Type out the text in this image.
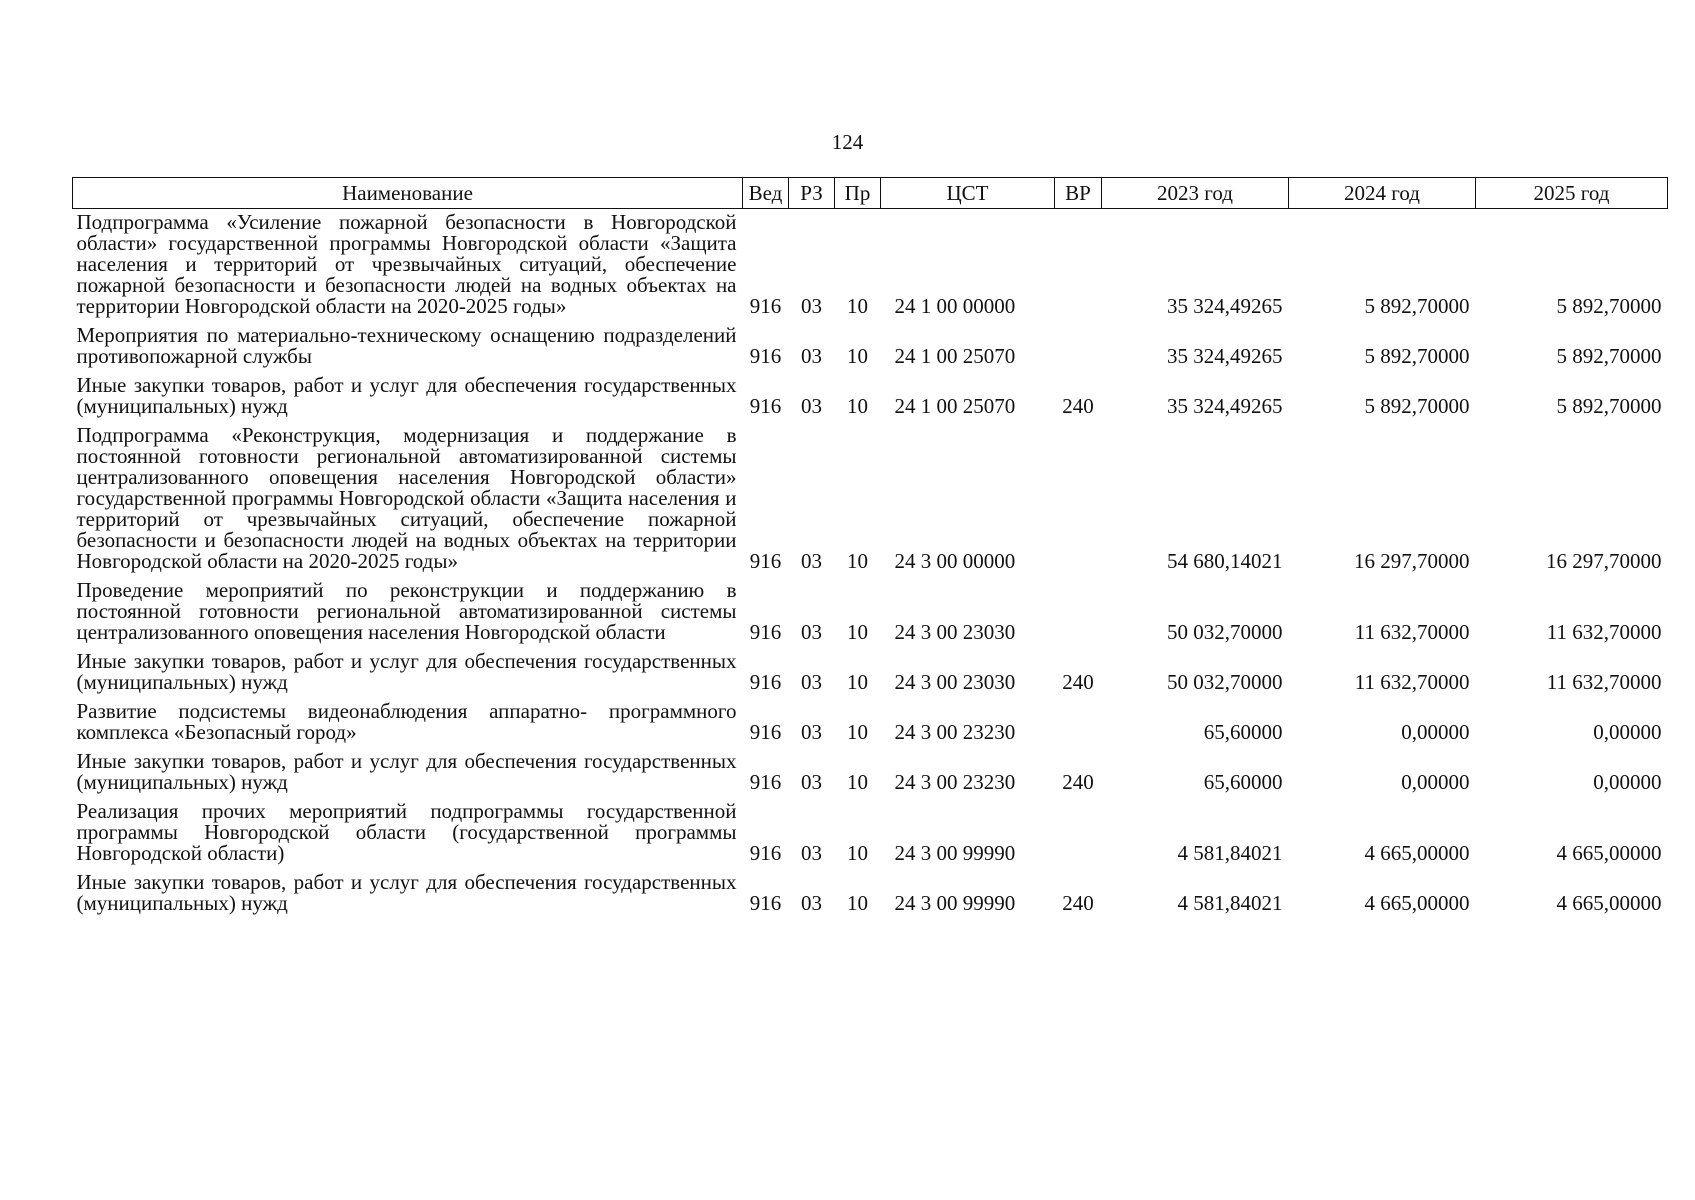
124
Наименование	Вед	РЗ	Пр	ЦСТ	ВР	2023 год	2024 год	2025 год
Подпрограмма «Усиление пожарной безопасности в Новгородской области» государственной программы Новгородской области «Защита населения и территорий от чрезвычайных ситуаций, обеспечение пожарной безопасности и безопасности людей на водных объектах на территории Новгородской области на 2020-2025 годы»	916	03	10	24 1 00 00000		35 324,49265	5 892,70000	5 892,70000
Мероприятия по материально-техническому оснащению подразделений противопожарной службы	916	03	10	24 1 00 25070		35 324,49265	5 892,70000	5 892,70000
Иные закупки товаров, работ и услуг для обеспечения государственных (муниципальных) нужд	916	03	10	24 1 00 25070	240	35 324,49265	5 892,70000	5 892,70000
Подпрограмма «Реконструкция, модернизация и поддержание в постоянной готовности региональной автоматизированной системы централизованного оповещения населения Новгородской области» государственной программы Новгородской области «Защита населения и территорий от чрезвычайных ситуаций, обеспечение пожарной безопасности и безопасности людей на водных объектах на территории Новгородской области на 2020-2025 годы»	916	03	10	24 3 00 00000		54 680,14021	16 297,70000	16 297,70000
Проведение мероприятий по реконструкции и поддержанию в постоянной готовности региональной автоматизированной системы централизованного оповещения населения Новгородской области	916	03	10	24 3 00 23030		50 032,70000	11 632,70000	11 632,70000
Иные закупки товаров, работ и услуг для обеспечения государственных (муниципальных) нужд	916	03	10	24 3 00 23030	240	50 032,70000	11 632,70000	11 632,70000
Развитие подсистемы видеонаблюдения аппаратно- программного комплекса «Безопасный город»	916	03	10	24 3 00 23230		65,60000	0,00000	0,00000
Иные закупки товаров, работ и услуг для обеспечения государственных (муниципальных) нужд	916	03	10	24 3 00 23230	240	65,60000	0,00000	0,00000
Реализация прочих мероприятий подпрограммы государственной программы Новгородской области (государственной программы Новгородской области)	916	03	10	24 3 00 99990		4 581,84021	4 665,00000	4 665,00000
Иные закупки товаров, работ и услуг для обеспечения государственных (муниципальных) нужд	916	03	10	24 3 00 99990	240	4 581,84021	4 665,00000	4 665,00000
